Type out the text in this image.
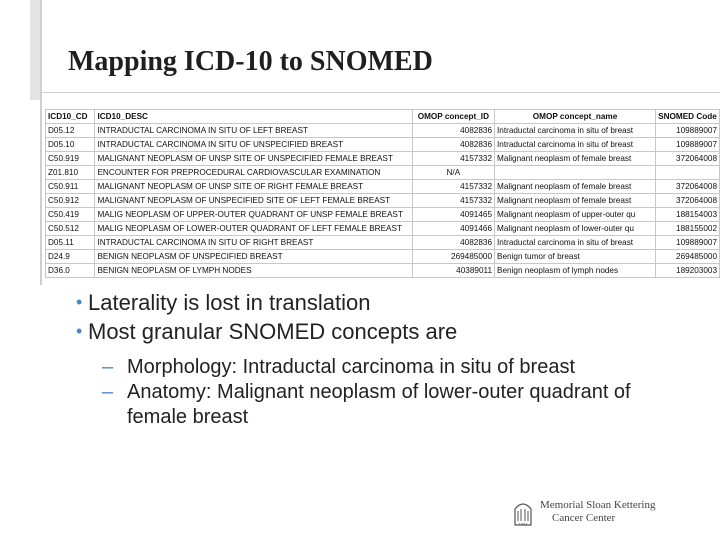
Mapping ICD-10 to SNOMED
ICD10_CD	ICD10_DESC	OMOP concept_ID	OMOP concept_name	SNOMED Code
D05.12	INTRADUCTAL CARCINOMA IN SITU OF LEFT BREAST	4082836	Intraductal carcinoma in situ of breast	109889007
D05.10	INTRADUCTAL CARCINOMA IN SITU OF UNSPECIFIED BREAST	4082836	Intraductal carcinoma in situ of breast	109889007
C50.919	MALIGNANT NEOPLASM OF UNSP SITE OF UNSPECIFIED FEMALE BREAST	4157332	Malignant neoplasm of female breast	372064008
Z01.810	ENCOUNTER FOR PREPROCEDURAL CARDIOVASCULAR EXAMINATION	N/A		
C50.911	MALIGNANT NEOPLASM OF UNSP SITE OF RIGHT FEMALE BREAST	4157332	Malignant neoplasm of female breast	372064008
C50.912	MALIGNANT NEOPLASM OF UNSPECIFIED SITE OF LEFT FEMALE BREAST	4157332	Malignant neoplasm of female breast	372064008
C50.419	MALIG NEOPLASM OF UPPER-OUTER QUADRANT OF UNSP FEMALE BREAST	4091465	Malignant neoplasm of upper-outer qu	188154003
C50.512	MALIG NEOPLASM OF LOWER-OUTER QUADRANT OF LEFT FEMALE BREAST	4091466	Malignant neoplasm of lower-outer qu	188155002
D05.11	INTRADUCTAL CARCINOMA IN SITU OF RIGHT BREAST	4082836	Intraductal carcinoma in situ of breast	109889007
D24.9	BENIGN NEOPLASM OF UNSPECIFIED BREAST	269485000	Benign tumor of breast	269485000
D36.0	BENIGN NEOPLASM OF LYMPH NODES	40389011	Benign neoplasm of lymph nodes	189203003
• Laterality is lost in translation
• Most granular SNOMED concepts are
– Morphology: Intraductal carcinoma in situ of breast
– Anatomy: Malignant neoplasm of lower-outer quadrant of female breast
1884
Memorial Sloan Kettering
Cancer Center
